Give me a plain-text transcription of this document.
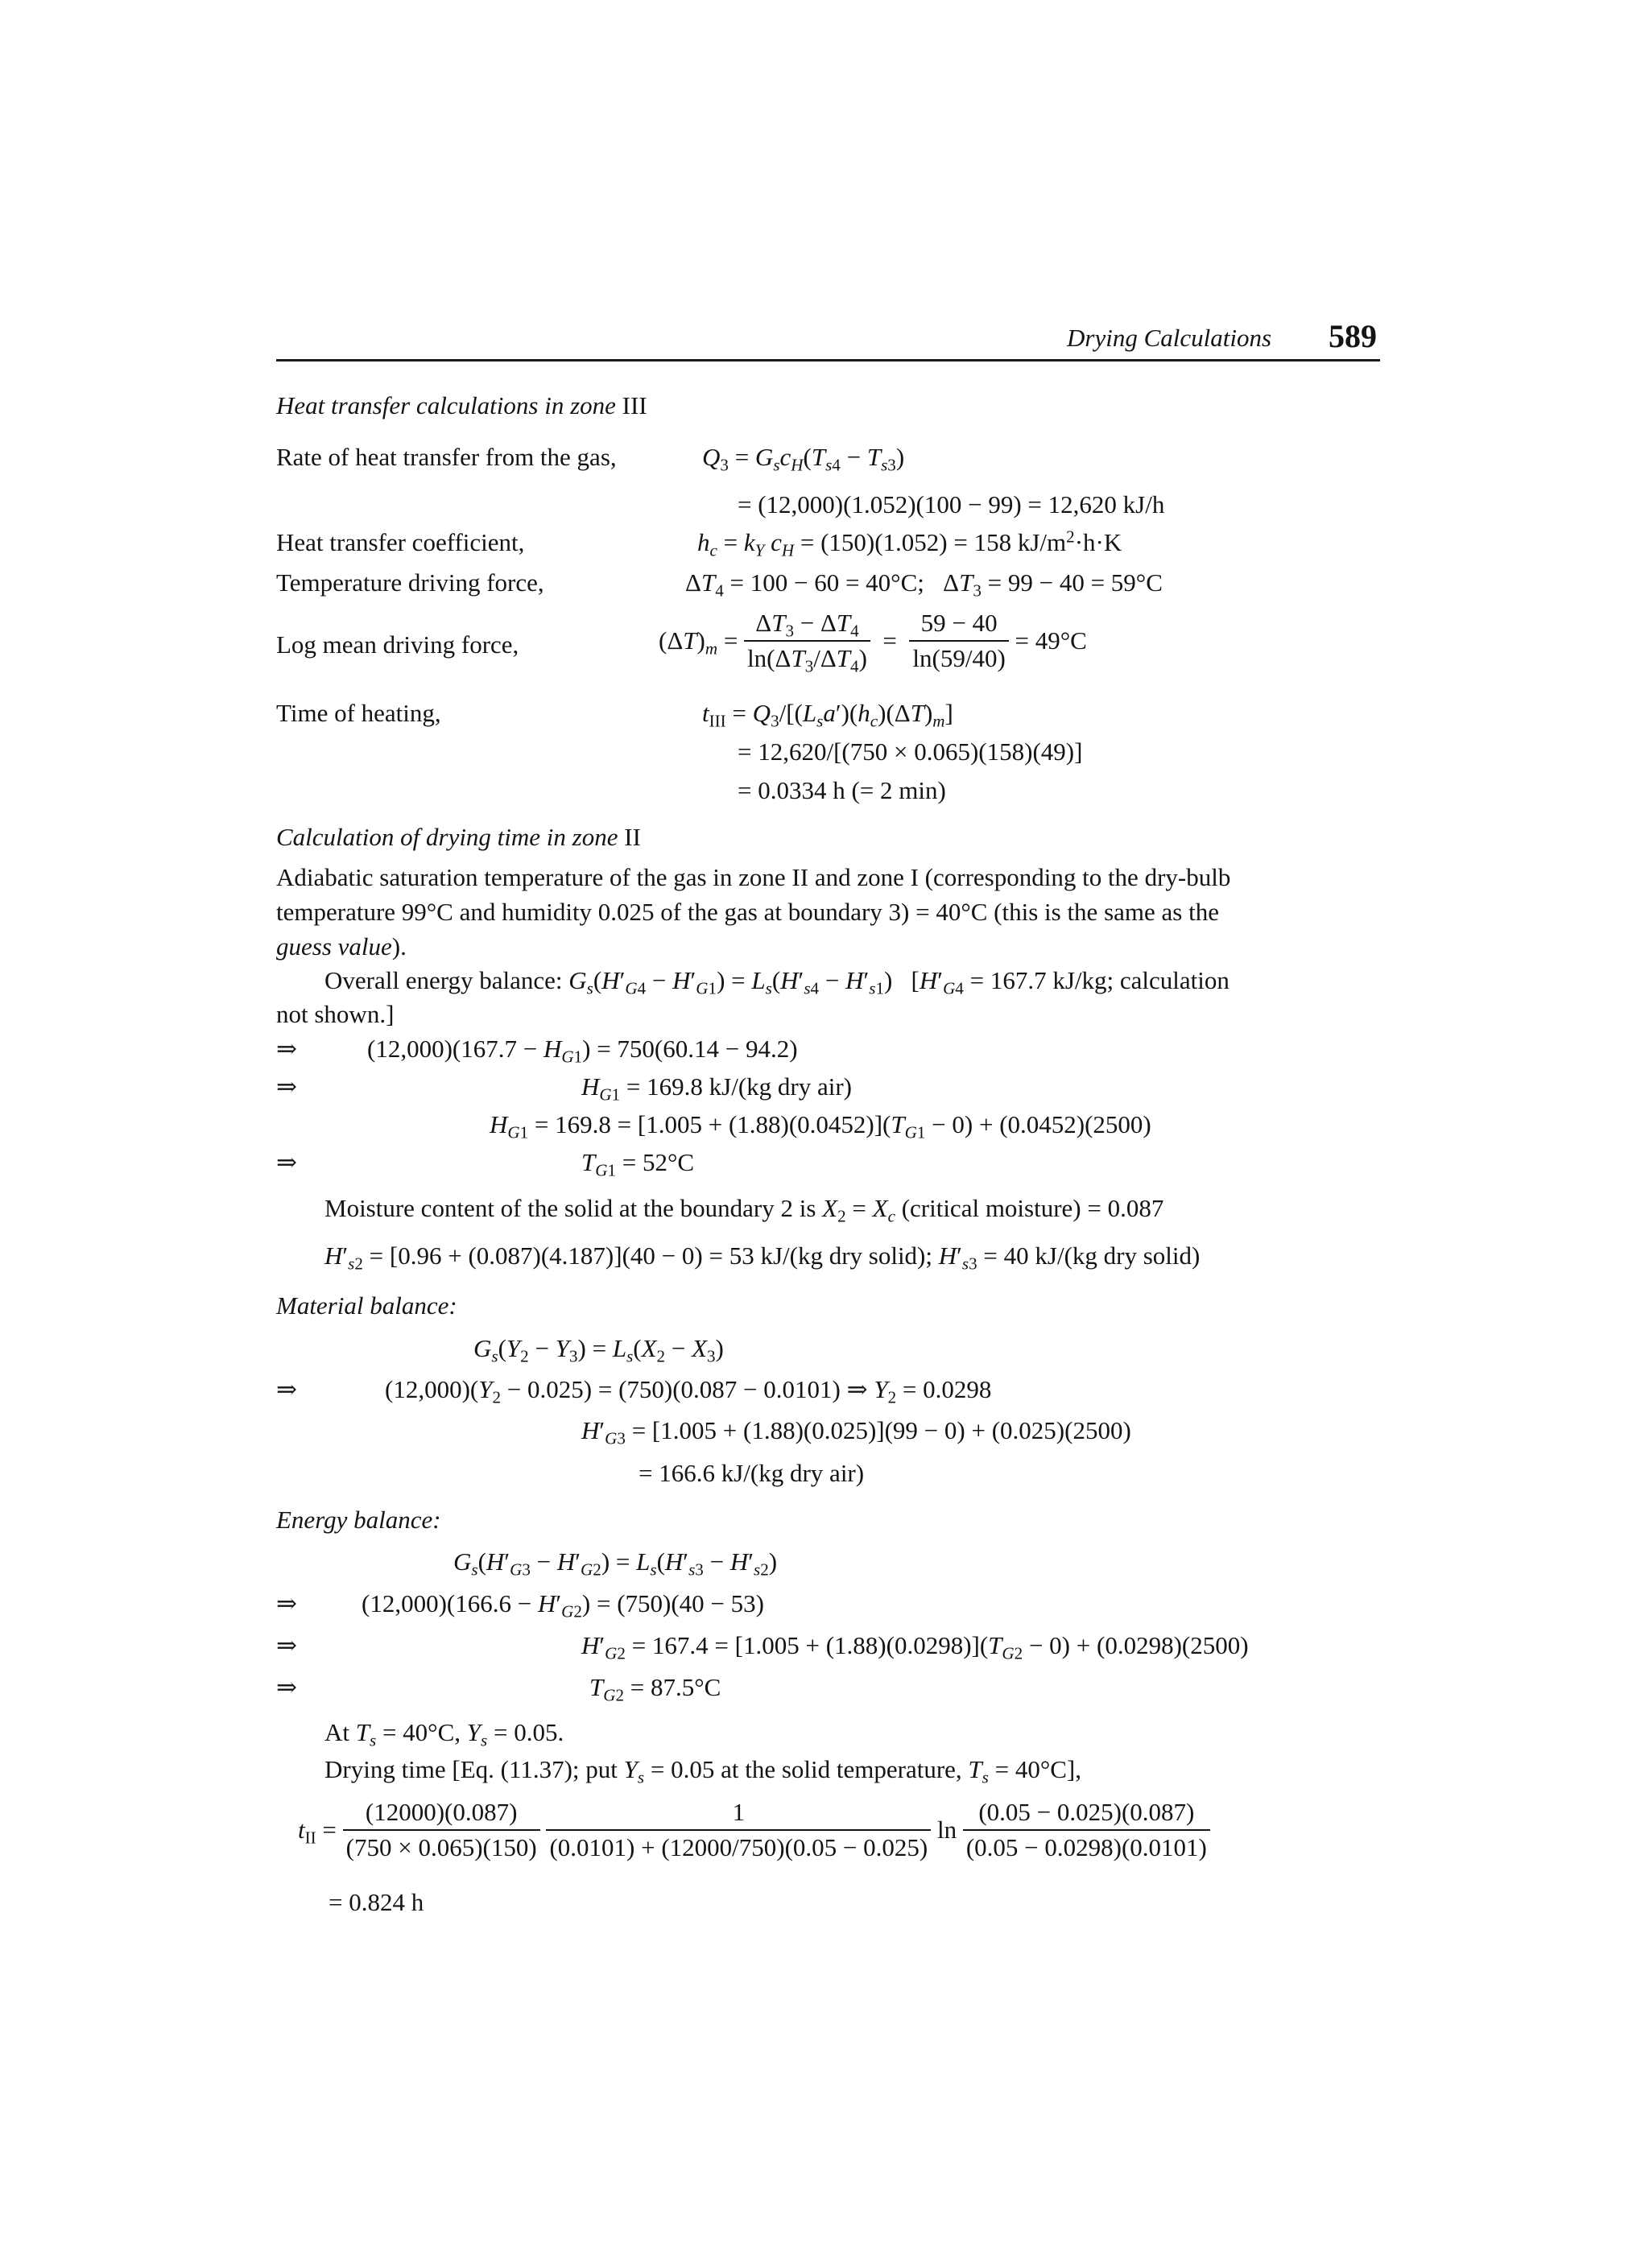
Drying Calculations 589
Heat transfer calculations in zone III
Rate of heat transfer from the gas,	$Q_3 = G_sc_H(T_{s4} - T_{s3})$
= (12,000)(1.052)(100 − 99) = 12,620 kJ/h
Heat transfer coefficient,	$h_c = k_Y$ $c_H = (150)(1.052) = 158$ $kJ/m^2\cdot h\cdot K$
Temperature driving force,	$\Delta T_4 = 100 - 60 = 40^\circ C$;   $\Delta T_3 = 99 - 40 = 59^\circ C$
Log mean driving force,	$(\Delta T)_m = \frac{\Delta T_3 - \Delta T_4}{\ln(\Delta T_3/\Delta T_4)} = \frac{59 - 40}{\ln(59/40)} = 49^\circ C$
Time of heating,	$t_{III} = Q_3/[(L_sa')(h_c)(\Delta T)_m]$
= 12,620/[(750 × 0.065)(158)(49)]
= 0.0334 h (= 2 min)
Calculation of drying time in zone II
Adiabatic saturation temperature of the gas in zone II and zone I (corresponding to the dry-bulb
temperature 99°C and humidity 0.025 of the gas at boundary 3) = 40°C (this is the same as the
guess value).
Overall energy balance: $G_s(H'_{G4} - H'_{G1}) = L_s(H'_{s4} - H'_{s1}) [H'_{G4} = 167.7$ kJ/kg; calculation
not shown.]
⇒	$(12,000)(167.7 - H_{G1}) = 750(60.14 - 94.2)$
⇒	$H_{G1} = 169.8$ kJ/(kg dry air)
$H_{G1} = 169.8 = [1.005 + (1.88)(0.0452)](T_{G1} - 0) + (0.0452)(2500)$
⇒	$T_{G1} = 52^\circ C$
Moisture content of the solid at the boundary 2 is $X_2 = X_c$ (critical moisture) = 0.087
$H'_{s2} = [0.96 + (0.087)(4.187)](40 - 0) = 53$ kJ/(kg dry solid); $H'_{s3} = 40$ kJ/(kg dry solid)
Material balance:
$G_s(Y_2 - Y_3) = L_s(X_2 - X_3)$
⇒	$(12,000)(Y_2 - 0.025) = (750)(0.087 - 0.0101)$ ⇒ $Y_2 = 0.0298$
$H'_{G3} = [1.005 + (1.88)(0.025)](99 - 0) + (0.025)(2500)$
= 166.6 kJ/(kg dry air)
Energy balance:
$G_s(H'_{G3} - H'_{G2}) = L_s(H'_{s3} - H'_{s2})$
⇒	$(12,000)(166.6 - H'_{G2}) = (750)(40 - 53)$
⇒	$H'_{G2} = 167.4 = [1.005 + (1.88)(0.0298)](T_{G2} - 0) + (0.0298)(2500)$
⇒	$T_{G2} = 87.5^\circ C$
At $T_s = 40^\circ C$, $Y_s = 0.05$.
Drying time [Eq. (11.37); put $Y_s = 0.05$ at the solid temperature, $T_s = 40^\circ C$],
$t_{II} = \frac{(12000)(0.087)}{(750 \times 0.065)(150)}$
$\frac{1}{(0.0101) + (12000/750)(0.05 - 0.025)}$ $\ln \frac{(0.05 - 0.025)(0.087)}{(0.05 - 0.0298)(0.0101)}$
= 0.824 h
